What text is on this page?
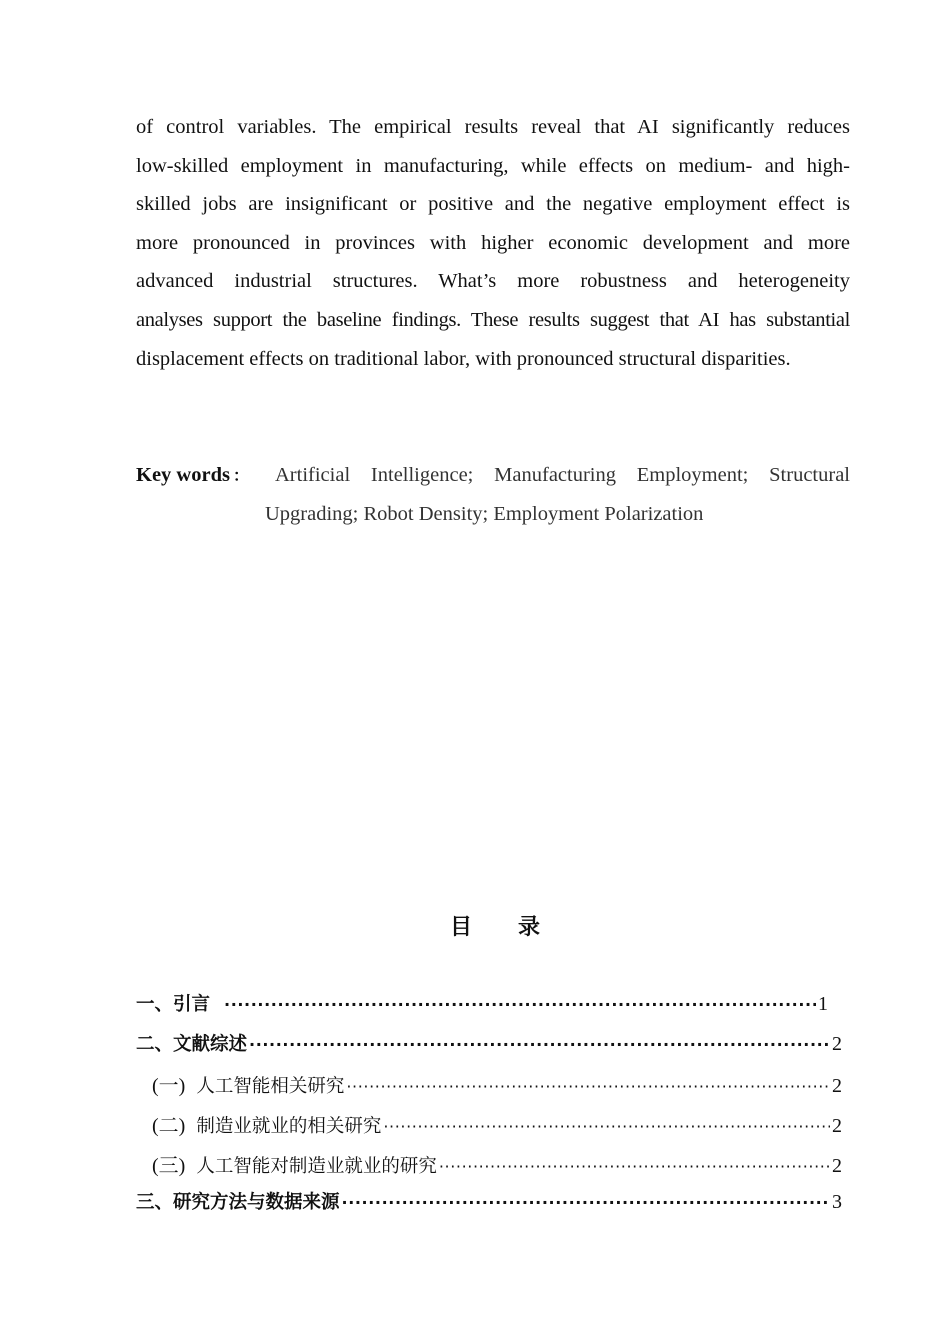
of control variables. The empirical results reveal that AI significantly reduces
low-skilled employment in manufacturing, while effects on medium- and high-
skilled jobs are insignificant or positive and the negative employment effect is
more pronounced in provinces with higher economic development and more
advanced industrial structures. What’s more robustness and heterogeneity
analyses support the baseline findings. These results suggest that AI has substantial
displacement effects on traditional labor, with pronounced structural disparities.
Key words ：	Artificial Intelligence; Manufacturing Employment; Structural
Upgrading; Robot Density; Employment Polarization
目 录
一、引言 ·····	1
二、文献综述 ·····	2
(一) 人工智能相关研究 ·····	2
(二) 制造业就业的相关研究 ·····	2
(三) 人工智能对制造业就业的研究 ·····	2
三、研究方法与数据来源 ·····	3
